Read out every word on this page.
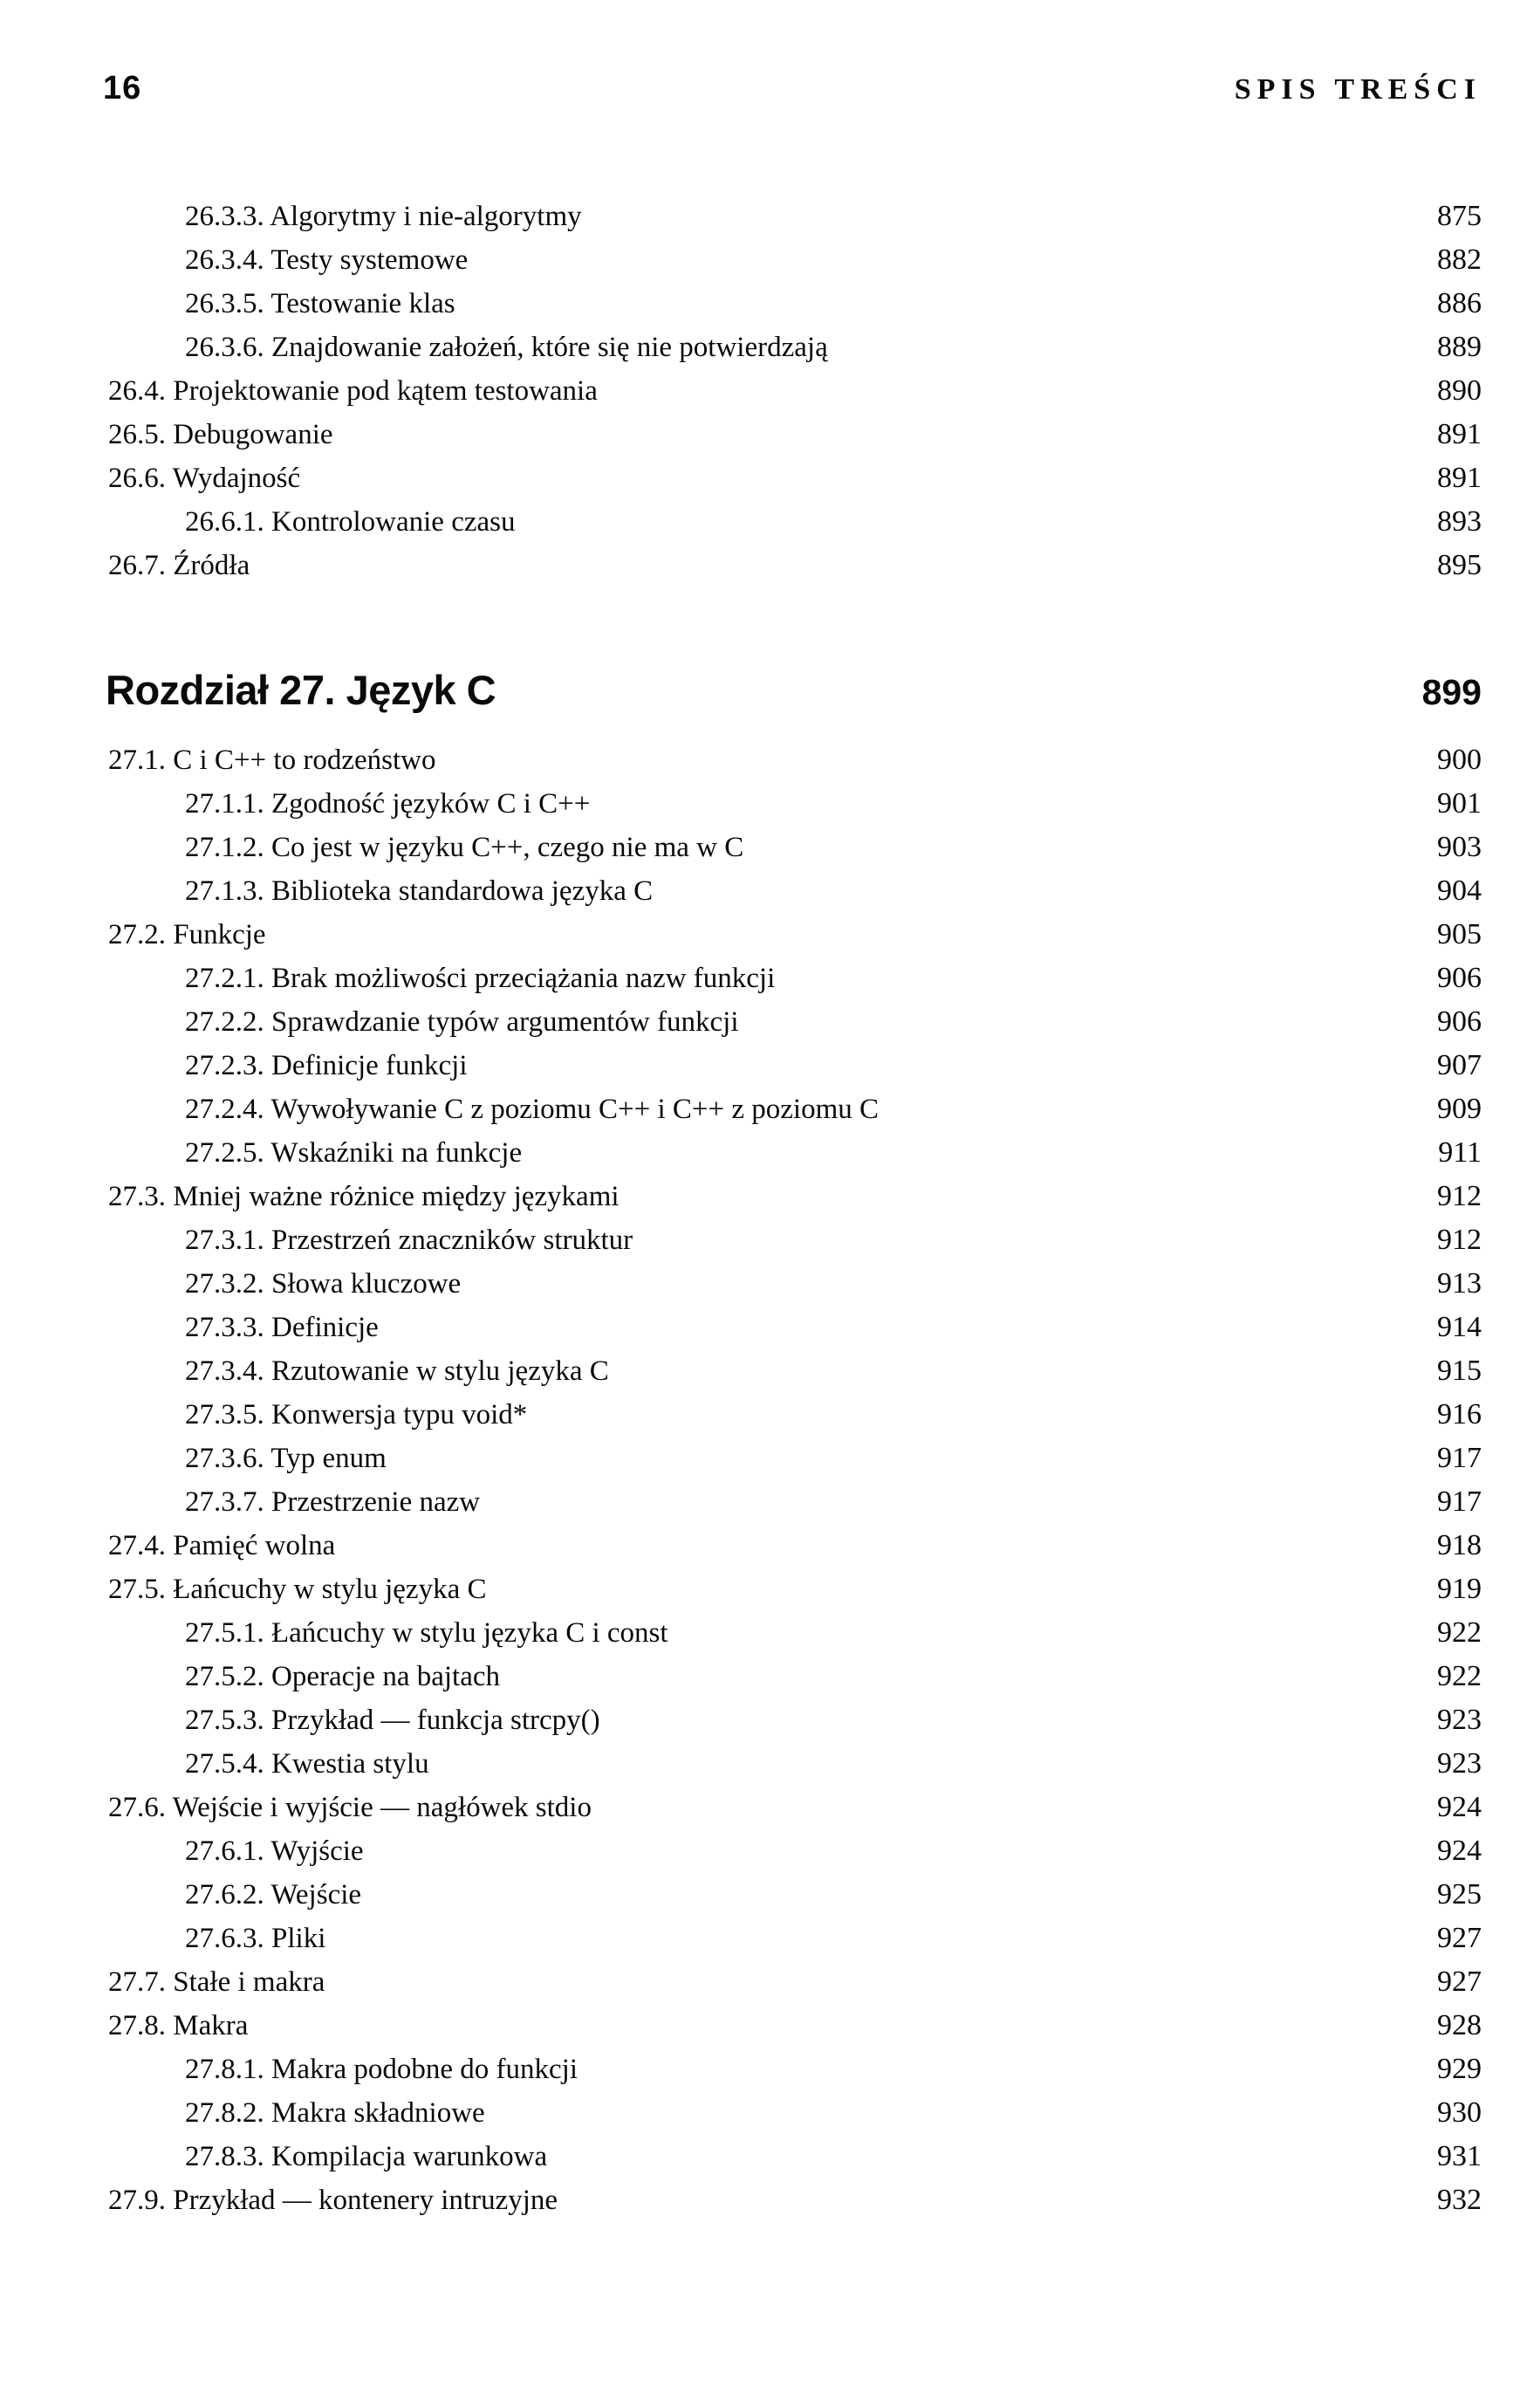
16	SPIS TREŚCI
26.3.3. Algorytmy i nie-algorytmy	875
26.3.4. Testy systemowe	882
26.3.5. Testowanie klas	886
26.3.6. Znajdowanie założeń, które się nie potwierdzają	889
26.4. Projektowanie pod kątem testowania	890
26.5. Debugowanie	891
26.6. Wydajność	891
26.6.1. Kontrolowanie czasu	893
26.7. Źródła	895
Rozdział 27. Język C	899
27.1. C i C++ to rodzeństwo	900
27.1.1. Zgodność języków C i C++	901
27.1.2. Co jest w języku C++, czego nie ma w C	903
27.1.3. Biblioteka standardowa języka C	904
27.2. Funkcje	905
27.2.1. Brak możliwości przeciążania nazw funkcji	906
27.2.2. Sprawdzanie typów argumentów funkcji	906
27.2.3. Definicje funkcji	907
27.2.4. Wywoływanie C z poziomu C++ i C++ z poziomu C	909
27.2.5. Wskaźniki na funkcje	911
27.3. Mniej ważne różnice między językami	912
27.3.1. Przestrzeń znaczników struktur	912
27.3.2. Słowa kluczowe	913
27.3.3. Definicje	914
27.3.4. Rzutowanie w stylu języka C	915
27.3.5. Konwersja typu void*	916
27.3.6. Typ enum	917
27.3.7. Przestrzenie nazw	917
27.4. Pamięć wolna	918
27.5. Łańcuchy w stylu języka C	919
27.5.1. Łańcuchy w stylu języka C i const	922
27.5.2. Operacje na bajtach	922
27.5.3. Przykład — funkcja strcpy()	923
27.5.4. Kwestia stylu	923
27.6. Wejście i wyjście — nagłówek stdio	924
27.6.1. Wyjście	924
27.6.2. Wejście	925
27.6.3. Pliki	927
27.7. Stałe i makra	927
27.8. Makra	928
27.8.1. Makra podobne do funkcji	929
27.8.2. Makra składniowe	930
27.8.3. Kompilacja warunkowa	931
27.9. Przykład — kontenery intruzyjne	932
